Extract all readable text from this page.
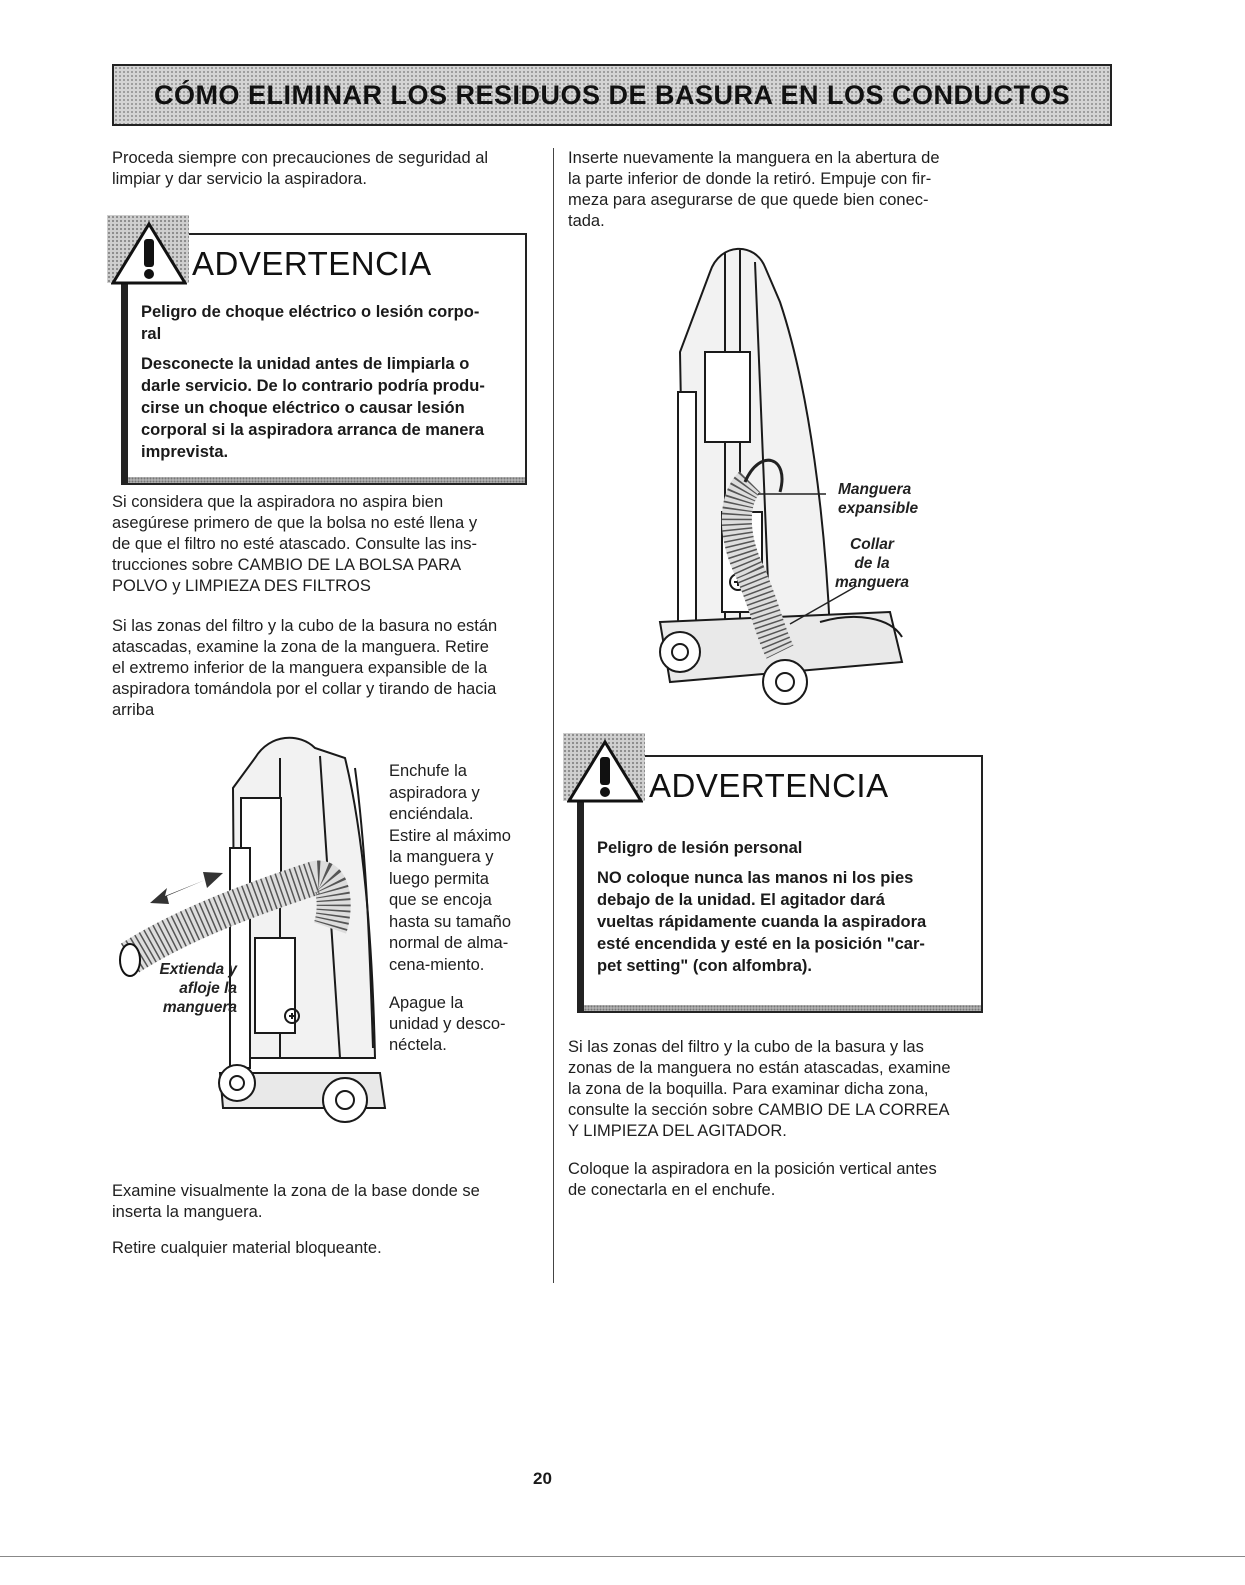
CÓMO ELIMINAR LOS RESIDUOS DE BASURA EN LOS CONDUCTOS
Proceda siempre con precauciones de seguridad al
limpiar y dar servicio la aspiradora.
ADVERTENCIA
Peligro de choque eléctrico o lesión corpo-
ral
Desconecte la unidad antes de limpiarla o
darle servicio. De lo contrario podría produ-
cirse un choque eléctrico o causar lesión
corporal si la aspiradora arranca de manera
imprevista.
Si considera que la aspiradora no aspira bien
asegúrese primero de que la bolsa no esté llena y
de que el filtro no esté atascado. Consulte las ins-
trucciones sobre CAMBIO DE LA BOLSA PARA
POLVO y LIMPIEZA DES FILTROS
Si las zonas del filtro y la cubo de la basura no están
atascadas, examine la zona de la manguera. Retire
el extremo inferior de la manguera expansible de la
aspiradora tomándola por el collar y tirando de hacia
arriba
Extienda y
afloje la
manguera
Enchufe la
aspiradora y
enciéndala.
Estire al máximo
la manguera y
luego permita
que se encoja
hasta su tamaño
normal de alma-
cena-miento.
Apague la
unidad y desco-
néctela.
Examine visualmente la zona de la base donde se
inserta la manguera.
Retire cualquier material bloqueante.
Inserte nuevamente la manguera en la abertura de
la parte inferior de donde la retiró. Empuje con fir-
meza para asegurarse de que quede bien conec-
tada.
Manguera
expansible
Collar
de la
manguera
ADVERTENCIA
Peligro de lesión personal
NO coloque nunca las manos ni los pies
debajo de la unidad. El agitador dará
vueltas rápidamente cuanda la aspiradora
esté encendida y esté en la posición "car-
pet setting" (con alfombra).
Si las zonas del filtro y la cubo de la basura y las
zonas de la manguera no están atascadas, examine
la zona de la boquilla. Para examinar dicha zona,
consulte la sección sobre CAMBIO DE LA CORREA
Y LIMPIEZA DEL AGITADOR.
Coloque la aspiradora en la posición vertical antes
de conectarla en el enchufe.
20
